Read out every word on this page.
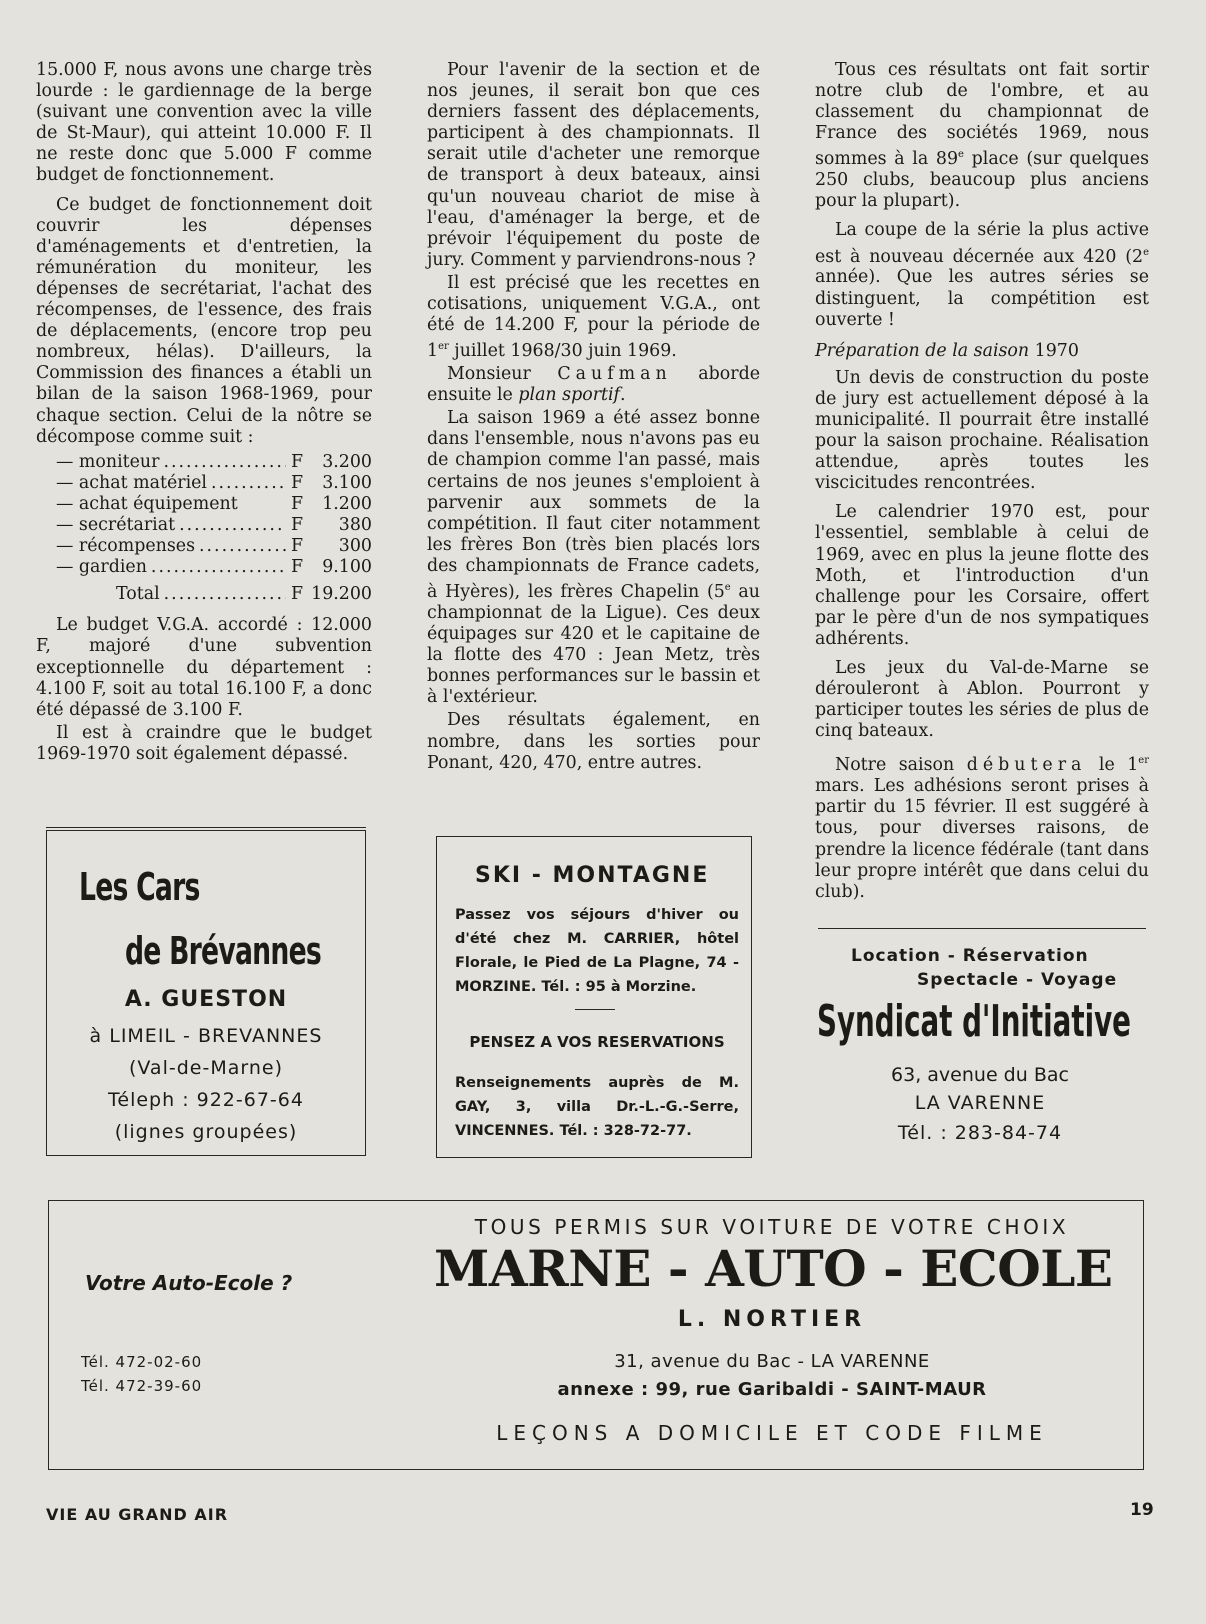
15.000 F, nous avons une charge très lourde : le gardiennage de la berge (suivant une convention avec la ville de St-Maur), qui atteint 10.000 F. Il ne reste donc que 5.000 F comme budget de fonctionnement.

Ce budget de fonctionnement doit couvrir les dépenses d'aménagements et d'entretien, la rémunération du moniteur, les dépenses de secrétariat, l'achat des récompenses, de l'essence, des frais de déplacements, (encore trop peu nombreux, hélas). D'ailleurs, la Commission des finances a établi un bilan de la saison 1968-1969, pour chaque section. Celui de la nôtre se décompose comme suit :

— moniteur .....	F	3.200
— achat matériel .....	F	3.100
— achat équipement	F	1.200
— secrétariat .....	F	380
— récompenses .....	F	300
— gardien .....	F	9.100
Total .....	F 19.200

Le budget V.G.A. accordé : 12.000 F, majoré d'une subvention exceptionnelle du département : 4.100 F, soit au total 16.100 F, a donc été dépassé de 3.100 F.

Il est à craindre que le budget 1969-1970 soit également dépassé.

Pour l'avenir de la section et de nos jeunes, il serait bon que ces derniers fassent des déplacements, participent à des championnats. Il serait utile d'acheter une remorque de transport à deux bateaux, ainsi qu'un nouveau chariot de mise à l'eau, d'aménager la berge, et de prévoir l'équipement du poste de jury. Comment y parviendrons-nous ?

Il est précisé que les recettes en cotisations, uniquement V.G.A., ont été de 14.200 F, pour la période de 1er juillet 1968/30 juin 1969.

Monsieur Caufman aborde ensuite le plan sportif.

La saison 1969 a été assez bonne dans l'ensemble, nous n'avons pas eu de champion comme l'an passé, mais certains de nos jeunes s'emploient à parvenir aux sommets de la compétition. Il faut citer notamment les frères Bon (très bien placés lors des championnats de France cadets, à Hyères), les frères Chapelin (5e au championnat de la Ligue). Ces deux équipages sur 420 et le capitaine de la flotte des 470 : Jean Metz, très bonnes performances sur le bassin et à l'extérieur.

Des résultats également, en nombre, dans les sorties pour Ponant, 420, 470, entre autres.

Tous ces résultats ont fait sortir notre club de l'ombre, et au classement du championnat de France des sociétés 1969, nous sommes à la 89e place (sur quelques 250 clubs, beaucoup plus anciens pour la plupart).

La coupe de la série la plus active est à nouveau décernée aux 420 (2e année). Que les autres séries se distinguent, la compétition est ouverte !

Préparation de la saison 1970

Un devis de construction du poste de jury est actuellement déposé à la municipalité. Il pourrait être installé pour la saison prochaine. Réalisation attendue, après toutes les viscicitudes rencontrées.

Le calendrier 1970 est, pour l'essentiel, semblable à celui de 1969, avec en plus la jeune flotte des Moth, et l'introduction d'un challenge pour les Corsaire, offert par le père d'un de nos sympatiques adhérents.

Les jeux du Val-de-Marne se dérouleront à Ablon. Pourront y participer toutes les séries de plus de cinq bateaux.

Notre saison débutera le 1er mars. Les adhésions seront prises à partir du 15 février. Il est suggéré à tous, pour diverses raisons, de prendre la licence fédérale (tant dans leur propre intérêt que dans celui du club).

Les Cars
de Brévannes
A. GUESTON
à LIMEIL - BREVANNES
(Val-de-Marne)
Téleph : 922-67-64
(lignes groupées)
SKI - MONTAGNE
Passez vos séjours d'hiver ou d'été chez M. CARRIER, hôtel Florale, le Pied de La Plagne, 74 - MORZINE. Tél. : 95 à Morzine.
PENSEZ A VOS RESERVATIONS
Renseignements auprès de M. GAY, 3, villa Dr.-L.-G.-Serre, VINCENNES. Tél. : 328-72-77.
Location - Réservation
Spectacle - Voyage
Syndicat d'Initiative
63, avenue du Bac
LA VARENNE
Tél. : 283-84-74
Votre Auto-Ecole ?
Tél. 472-02-60
Tél. 472-39-60
TOUS PERMIS SUR VOITURE DE VOTRE CHOIX
MARNE - AUTO - ECOLE
L. NORTIER
31, avenue du Bac - LA VARENNE
annexe : 99, rue Garibaldi - SAINT-MAUR
LEÇONS A DOMICILE ET CODE FILME
VIE AU GRAND AIR	19
